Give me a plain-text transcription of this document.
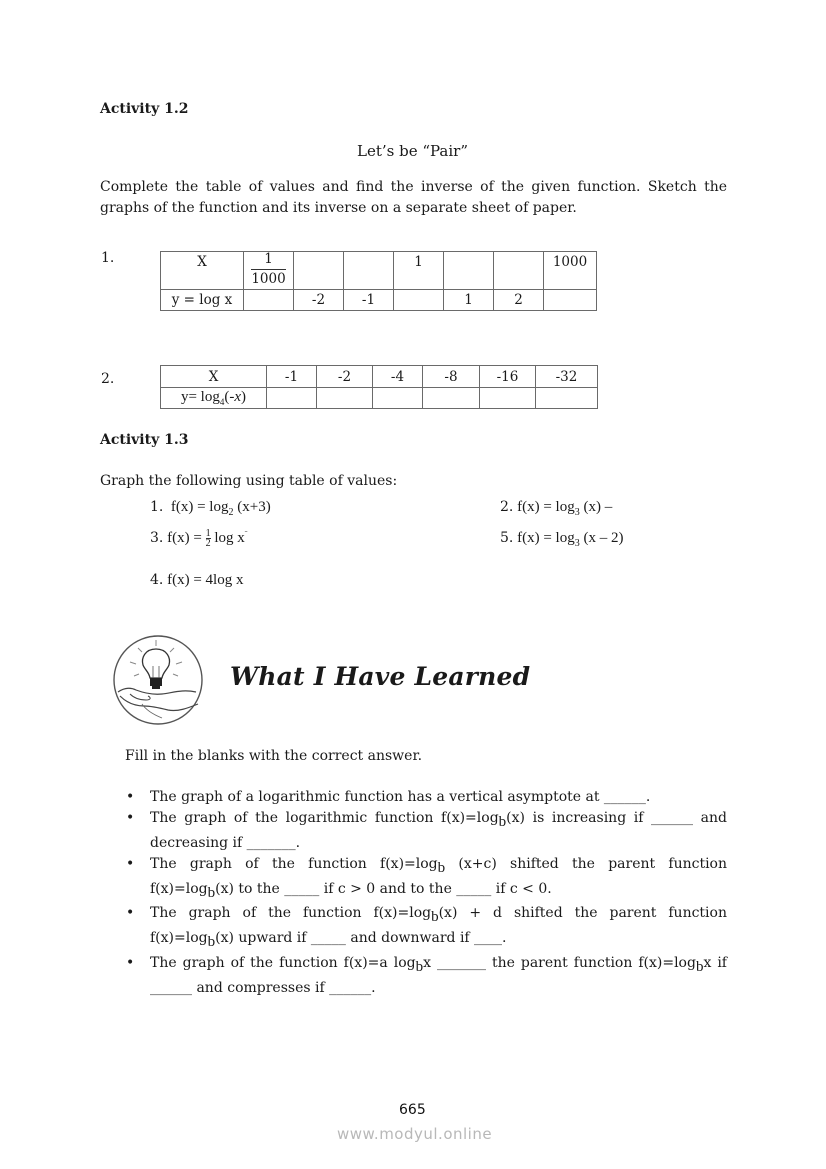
Activity 1.2
Let’s be “Pair”
Complete the table of values and find the inverse of the given function. Sketch the graphs of the function and its inverse on a separate sheet of paper.
1.	X	$\frac{1}{1000}$			1			1000
y = log x		-2	-1		1	2	
2.	X	-1	-2	-4	-8	-16	-32
$y= \log_4(-x)$						
Activity 1.3
Graph the following using table of values:
1. $f(x) = \log_2 (x+3)$	2. $f(x) = \log_3 (x)$ –
3. $f(x) = \frac{1}{2}$ $\log x^ˉ$	5. $f(x) = \log_3 (x - 2)$
4. f(x) = 4log x
What I Have Learned
Fill in the blanks with the correct answer.
• The graph of a logarithmic function has a vertical asymptote at ______.
• The graph of the logarithmic function $f(x)=\log_b(x)$ is increasing if ______ and decreasing if _______.
• The graph of the function $f(x)=\log_b$ (x+c) shifted the parent function $f(x)=\log_b(x)$ to the _____ if c > 0 and to the _____ if c < 0.
• The graph of the function $f(x)=\log_b(x) + d$ shifted the parent function $f(x)=\log_b(x)$ upward if _____ and downward if ____.
• The graph of the function f(x)=a $\log_bx$ _______ the parent function $f(x)=\log_bx$ if ______ and compresses if ______.
665
www.modyul.online
